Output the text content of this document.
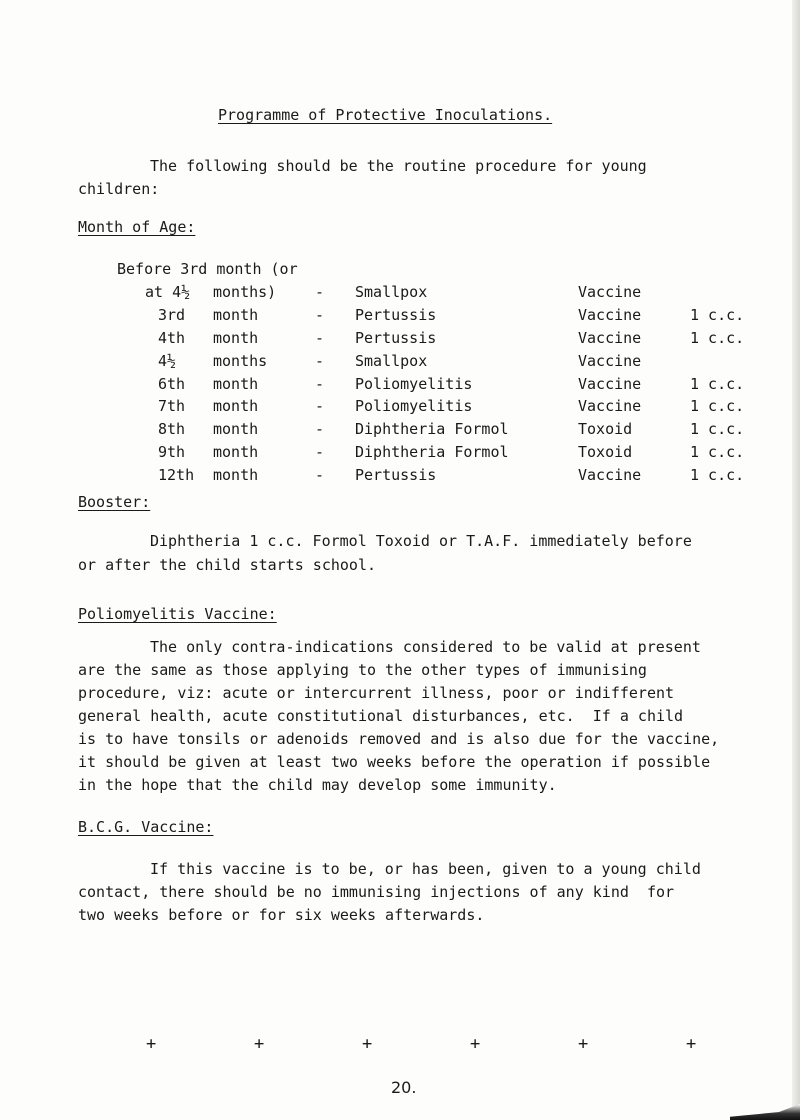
Programme of Protective Inoculations.
The following should be the routine procedure for young
children:
Month of Age:
Before 3rd month (or
at 4½ months)	- Smallpox	Vaccine
3rd month	- Pertussis	Vaccine	1 c.c.
4th month	- Pertussis	Vaccine	1 c.c.
4½ months	- Smallpox	Vaccine
6th month	- Poliomyelitis	Vaccine	1 c.c.
7th month	- Poliomyelitis	Vaccine	1 c.c.
8th month	- Diphtheria Formol	Toxoid	1 c.c.
9th month	- Diphtheria Formol	Toxoid	1 c.c.
12th month	- Pertussis	Vaccine	1 c.c.
Booster:
Diphtheria 1 c.c. Formol Toxoid or T.A.F. immediately before
or after the child starts school.
Poliomyelitis Vaccine:
The only contra-indications considered to be valid at present
are the same as those applying to the other types of immunising
procedure, viz: acute or intercurrent illness, poor or indifferent
general health, acute constitutional disturbances, etc.  If a child
is to have tonsils or adenoids removed and is also due for the vaccine,
it should be given at least two weeks before the operation if possible
in the hope that the child may develop some immunity.
B.C.G. Vaccine:
If this vaccine is to be, or has been, given to a young child
contact, there should be no immunising injections of any kind  for
two weeks before or for six weeks afterwards.
+	+	+	+	+	+
20.
